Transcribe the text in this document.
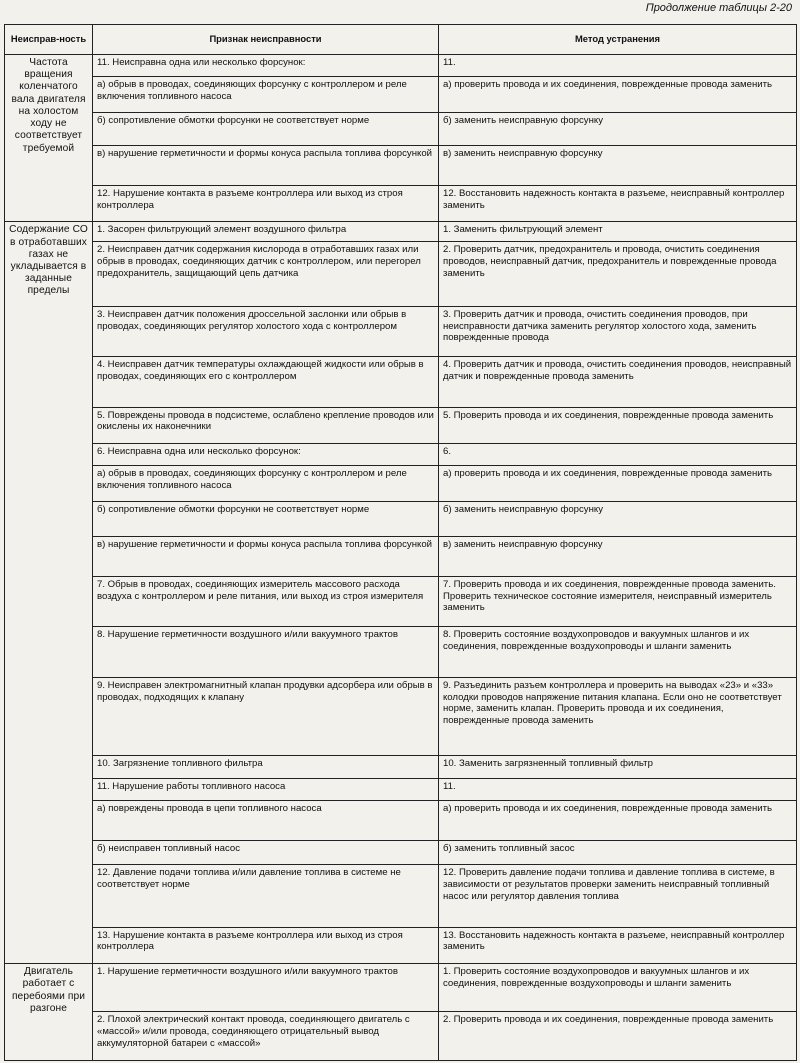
Продолжение таблицы 2-20
Неисправ-ность	Признак неисправности	Метод устранения
Частота вращения коленчатого вала двигателя на холостом ходу не соответствует требуемой	11. Неисправна одна или несколько форсунок:	11.
	а) обрыв в проводах, соединяющих форсунку с контроллером и реле включения топливного насоса	а) проверить провода и их соединения, поврежденные провода заменить
	б) сопротивление обмотки форсунки не соответствует норме	б) заменить неисправную форсунку
	в) нарушение герметичности и формы конуса распыла топлива форсункой	в) заменить неисправную форсунку
	12. Нарушение контакта в разъеме контроллера или выход из строя контроллера	12. Восстановить надежность контакта в разъеме, неисправный контроллер заменить
Содержание СО в отработавших газах не укладывается в заданные пределы	1. Засорен фильтрующий элемент воздушного фильтра	1. Заменить фильтрующий элемент
	2. Неисправен датчик содержания кислорода в отработавших газах или обрыв в проводах, соединяющих датчик с контроллером, или перегорел предохранитель, защищающий цепь датчика	2. Проверить датчик, предохранитель и провода, очистить соединения проводов, неисправный датчик, предохранитель и поврежденные провода заменить
	3. Неисправен датчик положения дроссельной заслонки или обрыв в проводах, соединяющих регулятор холостого хода с контроллером	3. Проверить датчик и провода, очистить соединения проводов, при неисправности датчика заменить регулятор холостого хода, заменить поврежденные провода
	4. Неисправен датчик температуры охлаждающей жидкости или обрыв в проводах, соединяющих его с контроллером	4. Проверить датчик и провода, очистить соединения проводов, неисправный датчик и поврежденные провода заменить
	5. Повреждены провода в подсистеме, ослаблено крепление проводов или окислены их наконечники	5. Проверить провода и их соединения, поврежденные провода заменить
	6. Неисправна одна или несколько форсунок:	6.
	а) обрыв в проводах, соединяющих форсунку с контроллером и реле включения топливного насоса	а) проверить провода и их соединения, поврежденные провода заменить
	б) сопротивление обмотки форсунки не соответствует норме	б) заменить неисправную форсунку
	в) нарушение герметичности и формы конуса распыла топлива форсункой	в) заменить неисправную форсунку
	7. Обрыв в проводах, соединяющих измеритель массового расхода воздуха с контроллером и реле питания, или выход из строя измерителя	7. Проверить провода и их соединения, поврежденные провода заменить. Проверить техническое состояние измерителя, неисправный измеритель заменить
	8. Нарушение герметичности воздушного и/или вакуумного трактов	8. Проверить состояние воздухопроводов и вакуумных шлангов и их соединения, поврежденные воздухопроводы и шланги заменить
	9. Неисправен электромагнитный клапан продувки адсорбера или обрыв в проводах, подходящих к клапану	9. Разъединить разъем контроллера и проверить на выводах «23» и «33» колодки проводов напряжение питания клапана. Если оно не соответствует норме, заменить клапан. Проверить провода и их соединения, поврежденные провода заменить
	10. Загрязнение топливного фильтра	10. Заменить загрязненный топливный фильтр
	11. Нарушение работы топливного насоса	11.
	а) повреждены провода в цепи топливного насоса	а) проверить провода и их соединения, поврежденные провода заменить
	б) неисправен топливный насос	б) заменить топливный засос
	12. Давление подачи топлива и/или давление топлива в системе не соответствует норме	12. Проверить давление подачи топлива и давление топлива в системе, в зависимости от результатов проверки заменить неисправный топливный насос или регулятор давления топлива
	13. Нарушение контакта в разъеме контроллера или выход из строя контроллера	13. Восстановить надежность контакта в разъеме, неисправный контроллер заменить
Двигатель работает с перебоями при разгоне	1. Нарушение герметичности воздушного и/или вакуумного трактов	1. Проверить состояние воздухопроводов и вакуумных шлангов и их соединения, поврежденные воздухопроводы и шланги заменить
	2. Плохой электрический контакт провода, соединяющего двигатель с «массой» и/или провода, соединяющего отрицательный вывод аккумуляторной батареи с «массой»	2. Проверить провода и их соединения, поврежденные провода заменить
